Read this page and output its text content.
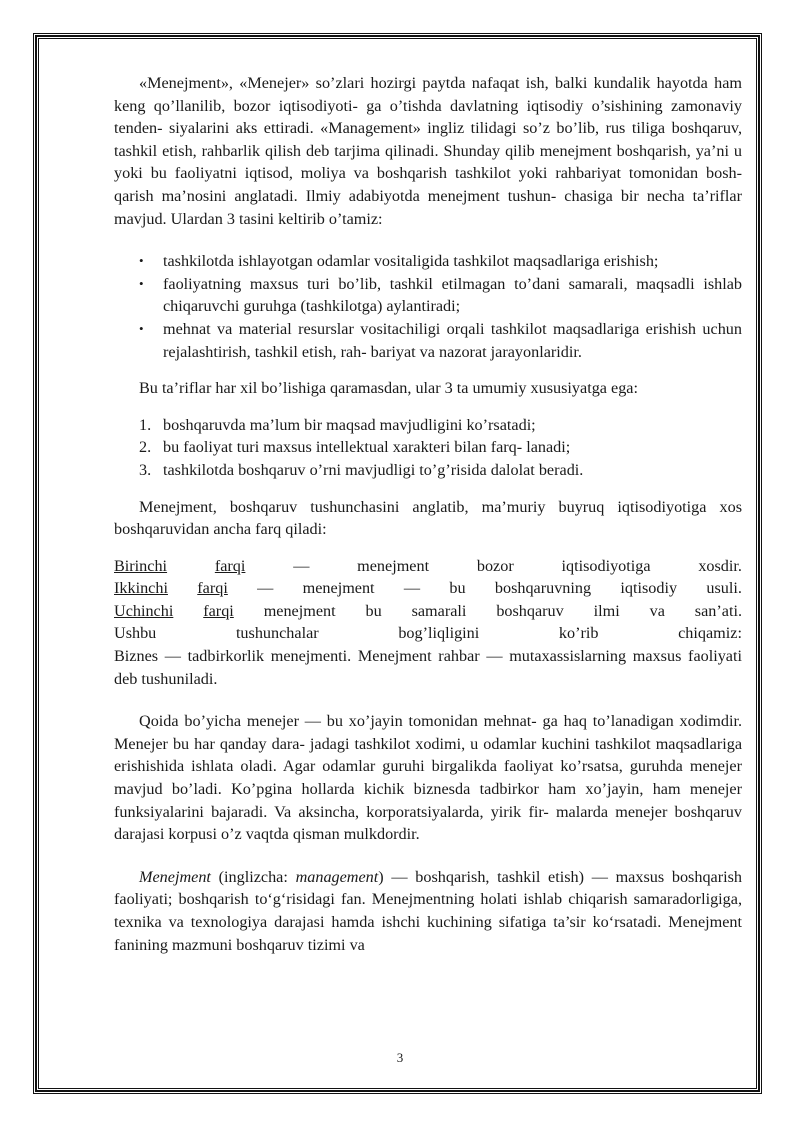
«Menejment», «Menejer» so’zlari hozirgi paytda nafaqat ish, balki kundalik hayotda ham keng qo’llanilib, bozor iqtisodiyoti- ga o’tishda davlatning iqtisodiy o’sishining zamonaviy tenden- siyalarini aks ettiradi. «Management» ingliz tilidagi so’z bo’lib, rus tiliga boshqaruv, tashkil etish, rahbarlik qilish deb tarjima qilinadi. Shunday qilib menejment boshqarish, ya’ni u yoki bu faoliyatni iqtisod, moliya va boshqarish tashkilot yoki rahbariyat tomonidan bosh- qarish ma’nosini anglatadi. Ilmiy adabiyotda menejment tushun- chasiga bir necha ta’riflar mavjud. Ulardan 3 tasini keltirib o’tamiz:

• tashkilotda ishlayotgan odamlar vositaligida tashkilot maqsadlariga erishish;
• faoliyatning maxsus turi bo’lib, tashkil etilmagan to’dani samarali, maqsadli ishlab chiqaruvchi guruhga (tashkilotga) aylantiradi;
• mehnat va material resurslar vositachiligi orqali tashkilot maqsadlariga erishish uchun rejalashtirish, tashkil etish, rah- bariyat va nazorat jarayonlaridir.

Bu ta’riflar har xil bo’lishiga qaramasdan, ular 3 ta umumiy xususiyatga ega:

1. boshqaruvda ma’lum bir maqsad mavjudligini ko’rsatadi;
2. bu faoliyat turi maxsus intellektual xarakteri bilan farq- lanadi;
3. tashkilotda boshqaruv o’rni mavjudligi to’g’risida dalolat beradi.

Menejment, boshqaruv tushunchasini anglatib, ma’muriy buyruq iqtisodiyotiga xos boshqaruvidan ancha farq qiladi:

Birinchi	farqi	—	menejment	bozor	iqtisodiyotiga	xosdir.
Ikkinchi farqi — menejment — bu boshqaruvning iqtisodiy usuli.
Uchinchi farqi menejment bu samarali boshqaruv ilmi va san’ati.
Ushbu	tushunchalar	bog’liqligini	ko’rib	chiqamiz:

Biznes — tadbirkorlik menejmenti. Menejment rahbar — mutaxassislarning maxsus faoliyati deb tushuniladi.

Qoida bo’yicha menejer — bu xo’jayin tomonidan mehnat- ga haq to’lanadigan xodimdir. Menejer bu har qanday dara- jadagi tashkilot xodimi, u odamlar kuchini tashkilot maqsadlariga erishishida ishlata oladi. Agar odamlar guruhi birgalikda faoliyat ko’rsatsa, guruhda menejer mavjud bo’ladi. Ko’pgina hollarda kichik biznesda tadbirkor ham xo’jayin, ham menejer funksiyalarini bajaradi. Va aksincha, korporatsiyalarda, yirik fir- malarda menejer boshqaruv darajasi korpusi o’z vaqtda qisman mulkdordir.

Menejment (inglizcha: management) — boshqarish, tashkil etish) — maxsus boshqarish faoliyati; boshqarish to‘g‘risidagi fan. Menejmentning holati ishlab chiqarish samaradorligiga, texnika va texnologiya darajasi hamda ishchi kuchining sifatiga ta’sir ko‘rsatadi. Menejment fanining mazmuni boshqaruv tizimi va

3
